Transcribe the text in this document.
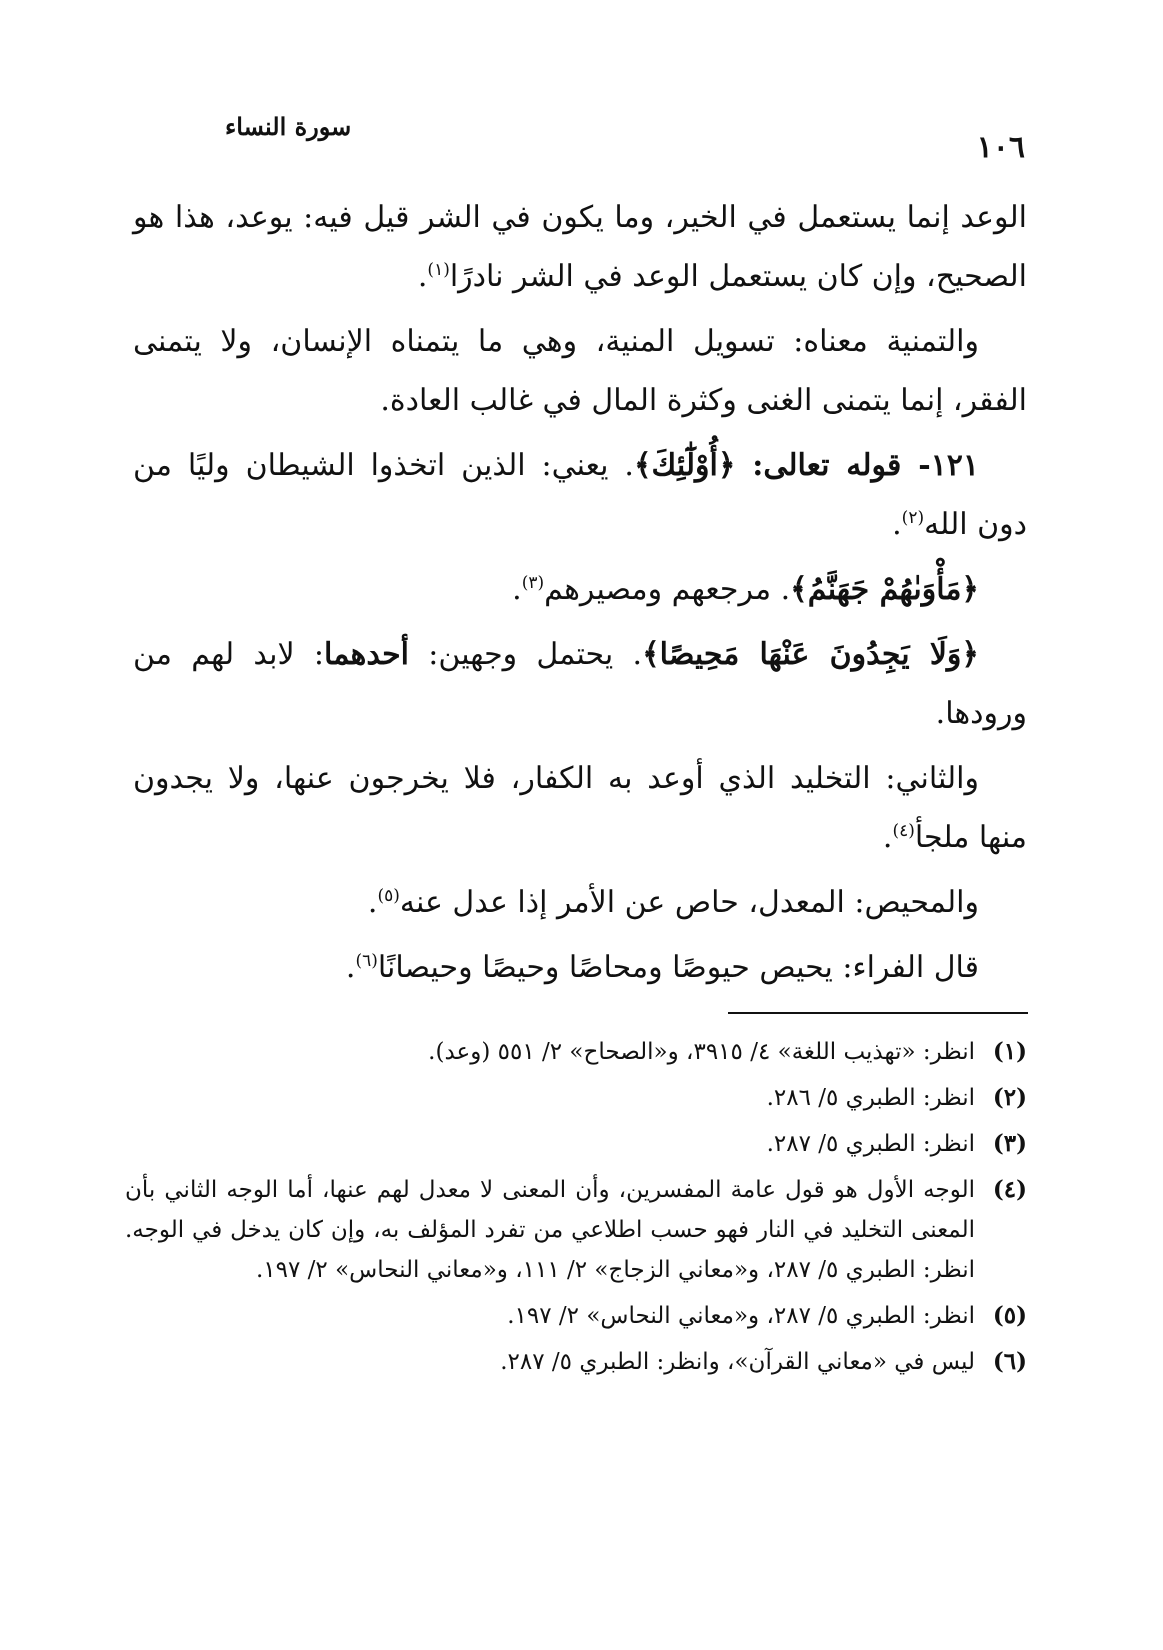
١٠٦
سورة النساء

الوعد إنما يستعمل في الخير، وما يكون في الشر قيل فيه: يوعد، هذا هو الصحيح، وإن كان يستعمل الوعد في الشر نادرًا$^{(١)}$.

والتمنية معناه: تسويل المنية، وهي ما يتمناه الإنسان، ولا يتمنى الفقر، إنما يتمنى الغنى وكثرة المال في غالب العادة.

١٢١- قوله تعالى: ﴿أُوْلَٰٓئِكَ﴾. يعني: الذين اتخذوا الشيطان وليًا من دون الله$^{(٢)}$.

﴿مَأْوَىٰهُمْ جَهَنَّمُ﴾. مرجعهم ومصيرهم$^{(٣)}$.

﴿وَلَا يَجِدُونَ عَنْهَا مَحِيصًا﴾. يحتمل وجهين: أحدهما: لابد لهم من ورودها.

والثاني: التخليد الذي أوعد به الكفار، فلا يخرجون عنها، ولا يجدون منها ملجأ$^{(٤)}$.

والمحيص: المعدل، حاص عن الأمر إذا عدل عنه$^{(٥)}$.

قال الفراء: يحيص حيوصًا ومحاصًا وحيصًا وحيصانًا$^{(٦)}$.

(١)
انظر: «تهذيب اللغة» ٤/ ٣٩١٥، و«الصحاح» ٢/ ٥٥١ (وعد).
(٢)
انظر: الطبري ٥/ ٢٨٦.
(٣)
انظر: الطبري ٥/ ٢٨٧.
(٤)
الوجه الأول هو قول عامة المفسرين، وأن المعنى لا معدل لهم عنها، أما الوجه الثاني بأن المعنى التخليد في النار فهو حسب اطلاعي من تفرد المؤلف به، وإن كان يدخل في الوجه. انظر: الطبري ٥/ ٢٨٧، و«معاني الزجاج» ٢/ ١١١، و«معاني النحاس» ٢/ ١٩٧.
(٥)
انظر: الطبري ٥/ ٢٨٧، و«معاني النحاس» ٢/ ١٩٧.
(٦)
ليس في «معاني القرآن»، وانظر: الطبري ٥/ ٢٨٧.
